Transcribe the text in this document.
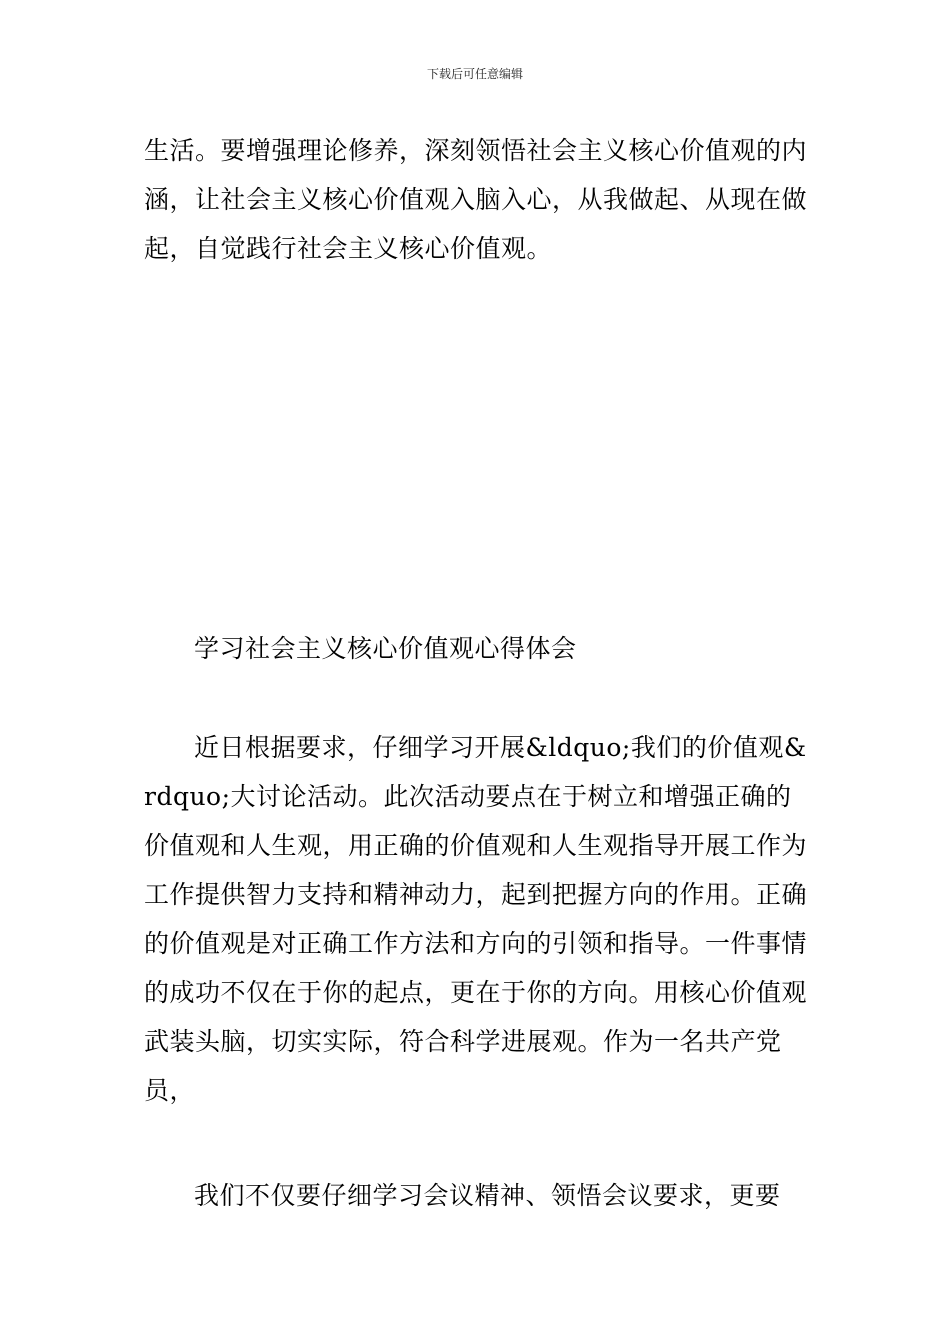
下载后可任意编辑

生活。要增强理论修养，深刻领悟社会主义核心价值观的内涵，让社会主义核心价值观入脑入心，从我做起、从现在做起，自觉践行社会主义核心价值观。

学习社会主义核心价值观心得体会

近日根据要求，仔细学习开展&ldquo;我们的价值观&rdquo;大讨论活动。此次活动要点在于树立和增强正确的价值观和人生观，用正确的价值观和人生观指导开展工作为工作提供智力支持和精神动力，起到把握方向的作用。正确的价值观是对正确工作方法和方向的引领和指导。一件事情的成功不仅在于你的起点，更在于你的方向。用核心价值观武装头脑，切实实际，符合科学进展观。作为一名共产党员，

我们不仅要仔细学习会议精神、领悟会议要求，更要
